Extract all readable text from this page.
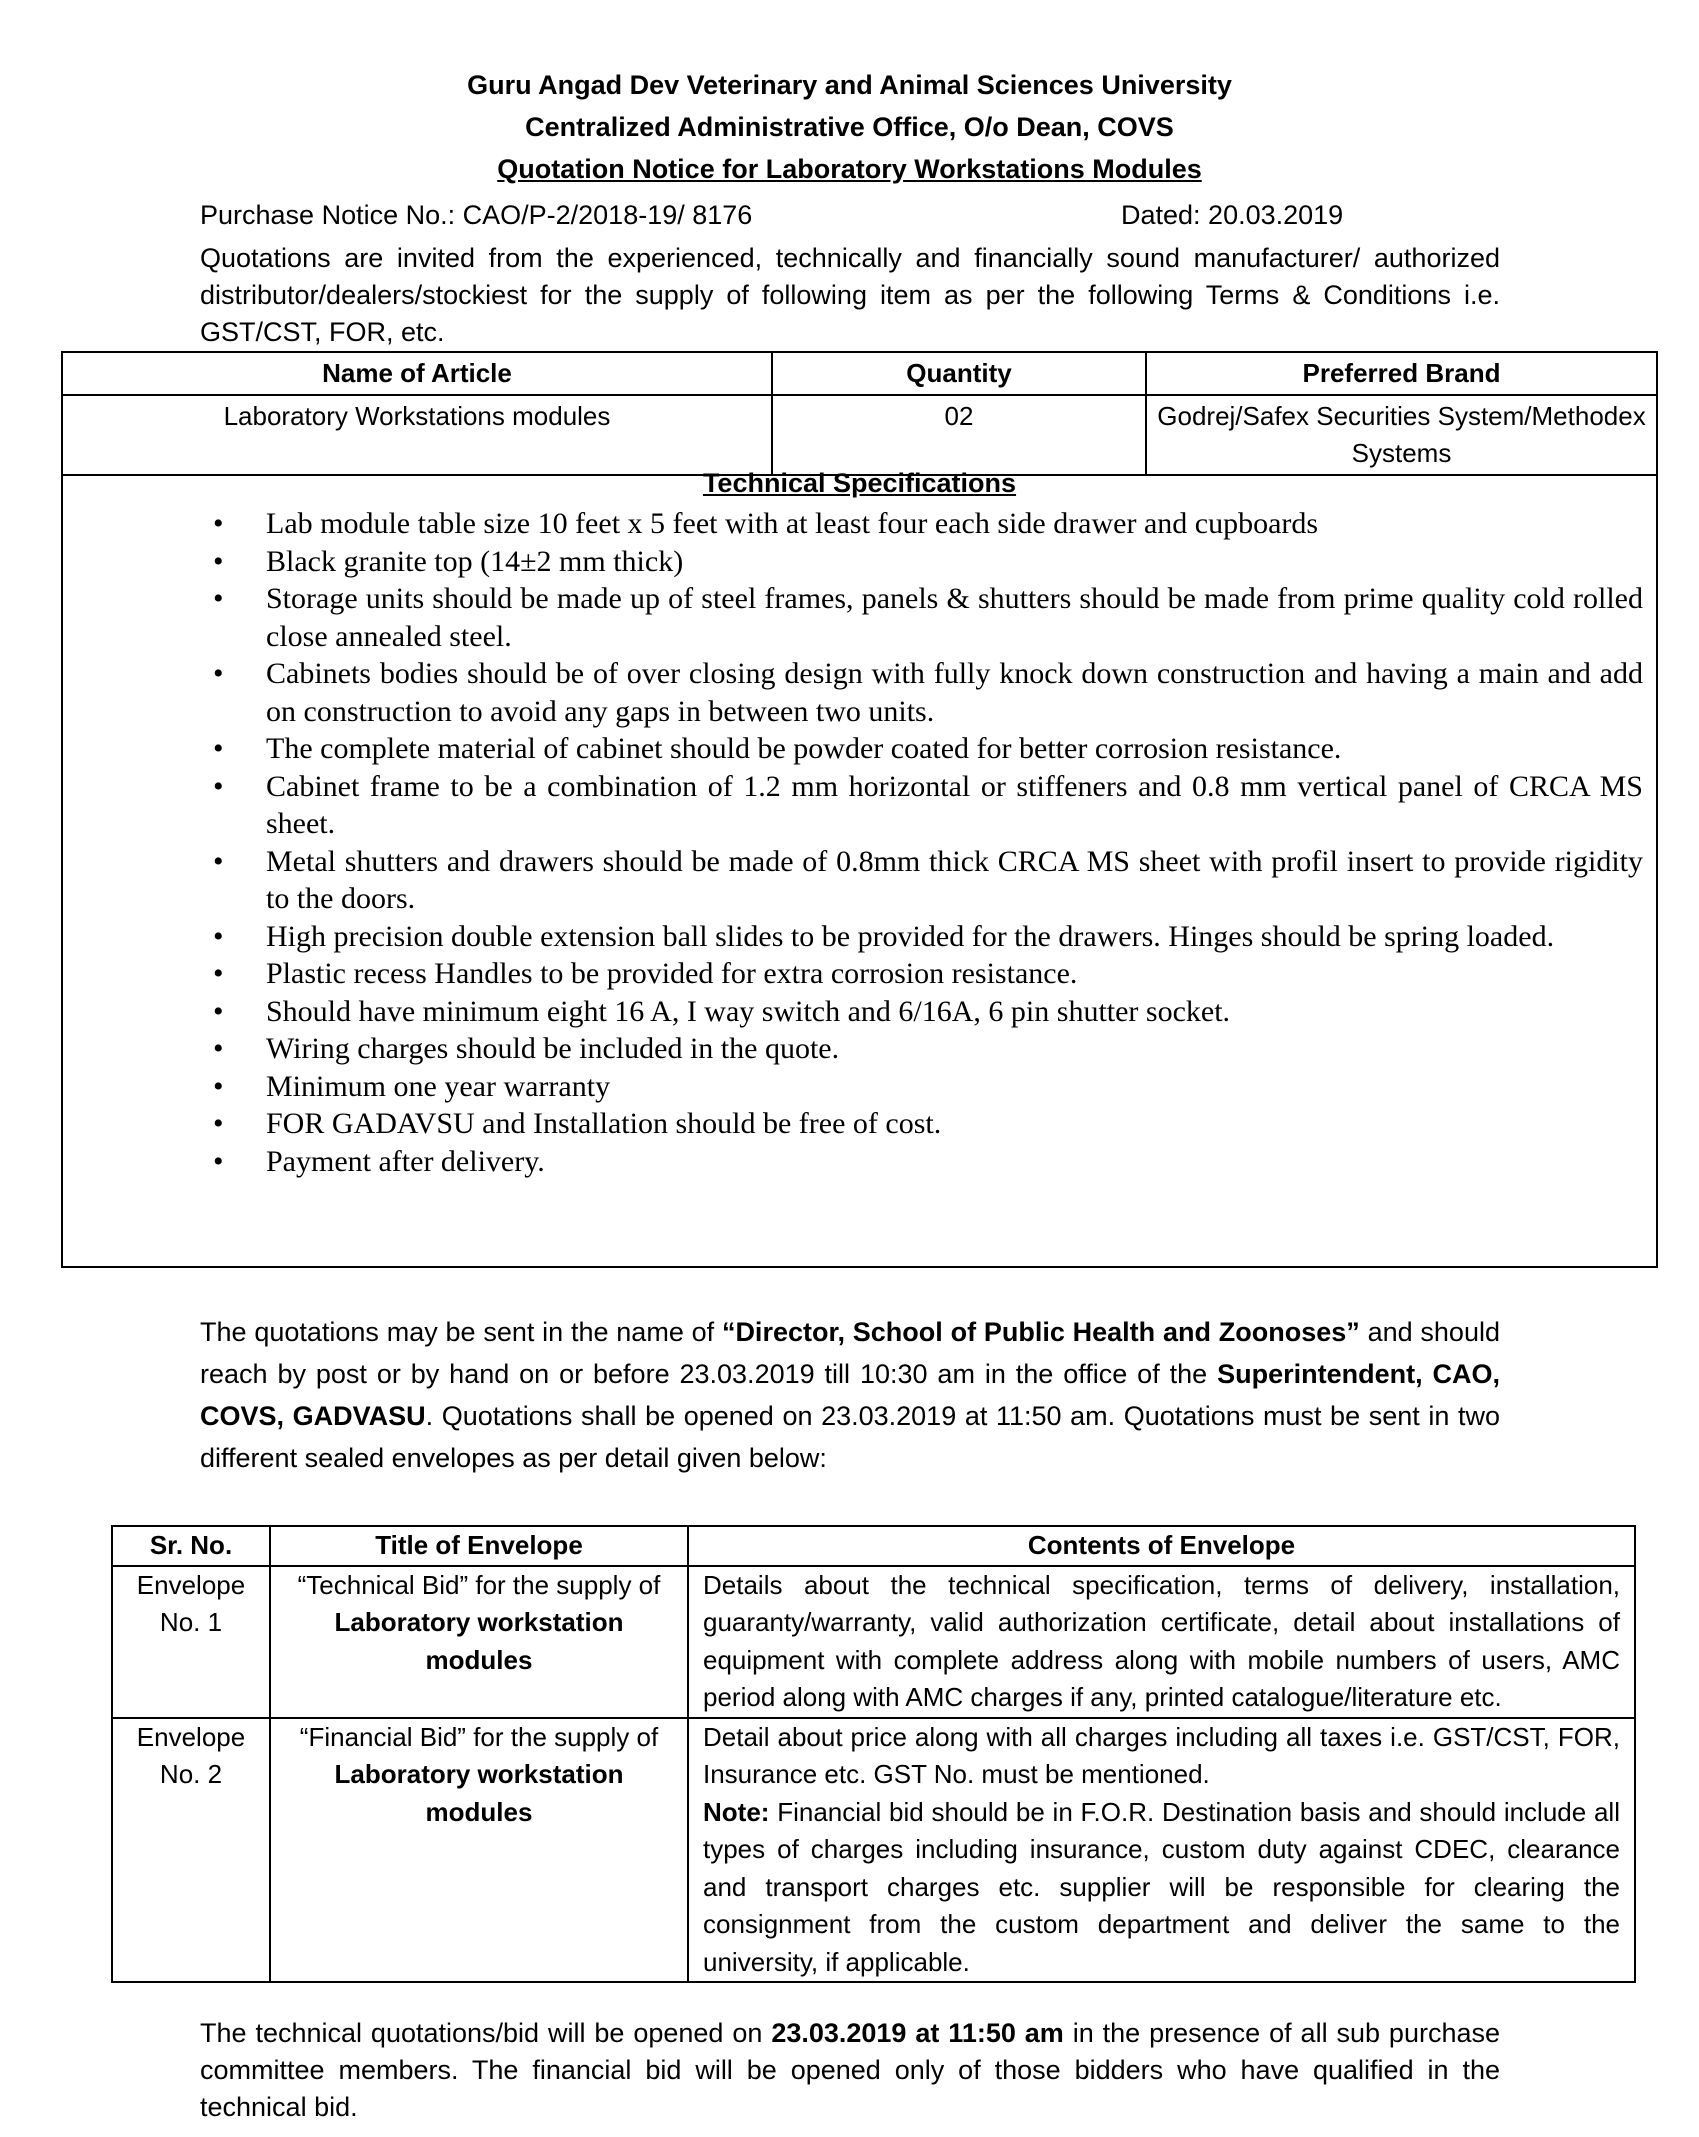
Guru Angad Dev Veterinary and Animal Sciences University
Centralized Administrative Office, O/o Dean, COVS
Quotation Notice for Laboratory Workstations Modules
Purchase Notice No.: CAO/P-2/2018-19/ 8176	Dated: 20.03.2019
Quotations are invited from the experienced, technically and financially sound manufacturer/ authorized distributor/dealers/stockiest for the supply of following item as per the following Terms & Conditions i.e. GST/CST, FOR, etc.
Name of Article	Quantity	Preferred Brand
Laboratory Workstations modules	02	Godrej/Safex Securities System/Methodex Systems
Technical Specifications
• Lab module table size 10 feet x 5 feet with at least four each side drawer and cupboards
• Black granite top (14±2 mm thick)
• Storage units should be made up of steel frames, panels & shutters should be made from prime quality cold rolled close annealed steel.
• Cabinets bodies should be of over closing design with fully knock down construction and having a main and add on construction to avoid any gaps in between two units.
• The complete material of cabinet should be powder coated for better corrosion resistance.
• Cabinet frame to be a combination of 1.2 mm horizontal or stiffeners and 0.8 mm vertical panel of CRCA MS sheet.
• Metal shutters and drawers should be made of 0.8mm thick CRCA MS sheet with profil insert to provide rigidity to the doors.
• High precision double extension ball slides to be provided for the drawers. Hinges should be spring loaded.
• Plastic recess Handles to be provided for extra corrosion resistance.
• Should have minimum eight 16 A, I way switch and 6/16A, 6 pin shutter socket.
• Wiring charges should be included in the quote.
• Minimum one year warranty
• FOR GADAVSU and Installation should be free of cost.
• Payment after delivery.
The quotations may be sent in the name of “Director, School of Public Health and Zoonoses” and should reach by post or by hand on or before 23.03.2019 till 10:30 am in the office of the Superintendent, CAO, COVS, GADVASU. Quotations shall be opened on 23.03.2019 at 11:50 am. Quotations must be sent in two different sealed envelopes as per detail given below:
Sr. No.	Title of Envelope	Contents of Envelope
Envelope No. 1	“Technical Bid” for the supply of Laboratory workstation modules	Details about the technical specification, terms of delivery, installation, guaranty/warranty, valid authorization certificate, detail about installations of equipment with complete address along with mobile numbers of users, AMC period along with AMC charges if any, printed catalogue/literature etc.
Envelope No. 2	“Financial Bid” for the supply of Laboratory workstation modules	Detail about price along with all charges including all taxes i.e. GST/CST, FOR, Insurance etc. GST No. must be mentioned.
Note: Financial bid should be in F.O.R. Destination basis and should include all types of charges including insurance, custom duty against CDEC, clearance and transport charges etc. supplier will be responsible for clearing the consignment from the custom department and deliver the same to the university, if applicable.
The technical quotations/bid will be opened on 23.03.2019 at 11:50 am in the presence of all sub purchase committee members. The financial bid will be opened only of those bidders who have qualified in the technical bid.
